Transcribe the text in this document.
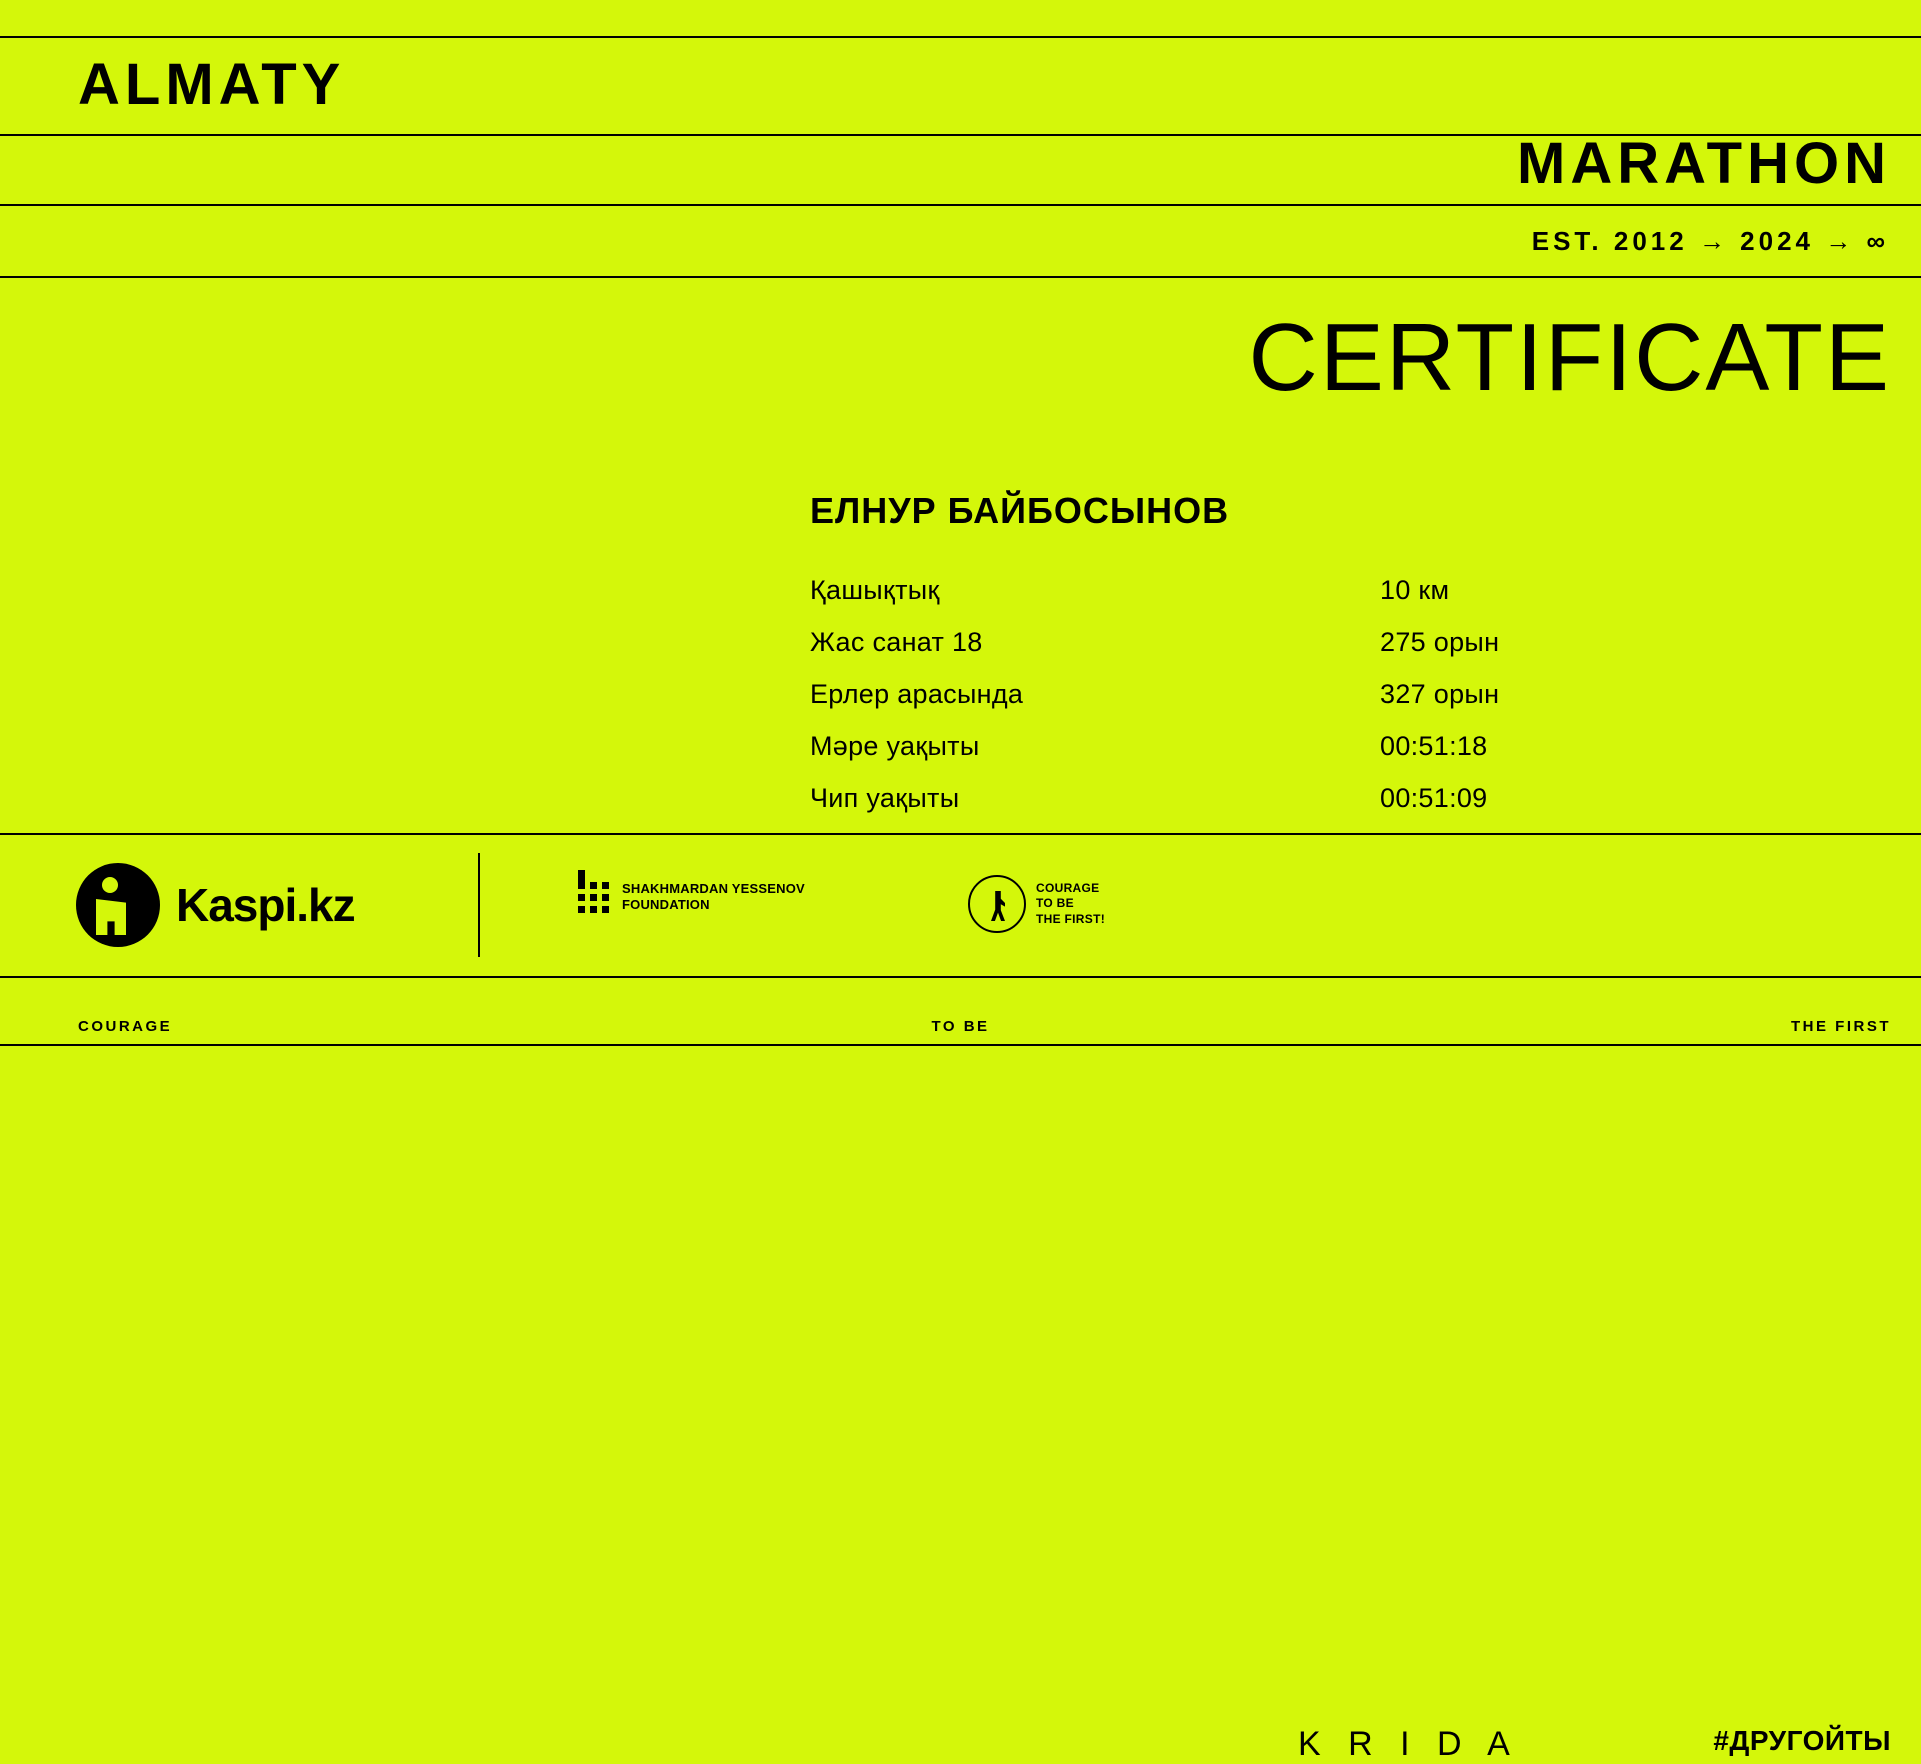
ALMATY
MARATHON
EST. 2012 → 2024 → ∞
CERTIFICATE
ЕЛНУР БАЙБОСЫНОВ
Қашықтық	10 км
Жас санат 18	275 орын
Ерлер арасында	327 орын
Мәре уақыты	00:51:18
Чип уақыты	00:51:09
Kaspi.kz	SHAKHMARDAN YESSENOV
FOUNDATION
COURAGE
TO BE
THE FIRST!
K R I D A	#ДРУГОЙТЫ
COURAGE	TO BE	THE FIRST
